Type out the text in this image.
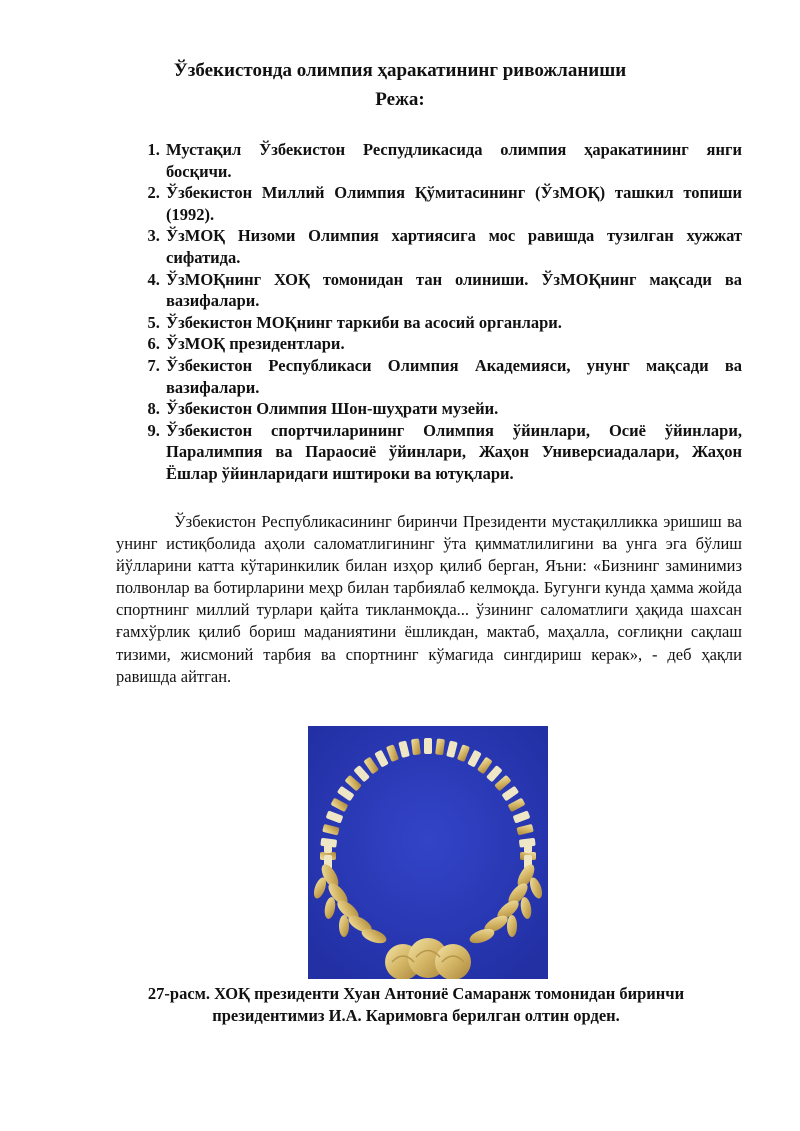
Ўзбекистонда олимпия ҳаракатининг ривожланиши
Режа:
1. Мустақил Ўзбекистон Респудликасида олимпия ҳаракатининг янги босқичи.
2. Ўзбекистон Миллий Олимпия Қўмитасининг (ЎзМОҚ) ташкил топиши (1992).
3. ЎзМОҚ Низоми Олимпия хартиясига мос равишда тузилган хужжат сифатида.
4. ЎзМОҚнинг ХОҚ томонидан тан олиниши. ЎзМОҚнинг мақсади ва вазифалари.
5. Ўзбекистон МОҚнинг таркиби ва асосий органлари.
6. ЎзМОҚ президентлари.
7. Ўзбекистон Республикаси Олимпия Академияси, унунг мақсади ва вазифалари.
8. Ўзбекистон Олимпия Шон-шуҳрати музейи.
9. Ўзбекистон спортчиларининг Олимпия ўйинлари, Осиё ўйинлари, Паралимпия ва Параосиё ўйинлари, Жаҳон Универсиадалари, Жаҳон Ёшлар ўйинларидаги иштироки ва ютуқлари.

Ўзбекистон Республикасининг биринчи Президенти мустақилликка эришиш ва унинг истиқболида аҳоли саломатлигининг ўта қимматлилигини ва унга эга бўлиш йўлларини катта кўтаринкилик билан изҳор қилиб берган, Яъни: «Бизнинг заминимиз полвонлар ва ботирларини меҳр билан тарбиялаб келмоқда. Бугунги кунда ҳамма жойда спортнинг миллий турлари қайта тикланмоқда... ўзининг саломатлиги ҳақида шахсан ғамхўрлик қилиб бориш маданиятини ёшликдан, мактаб, маҳалла, соғлиқни сақлаш тизими, жисмоний тарбия ва спортнинг кўмагида сингдириш керак», - деб ҳақли равишда айтган.

27-расм. ХОҚ президенти Хуан Антониё Самаранж томонидан биринчи президентимиз И.А. Каримовга берилган олтин орден.
